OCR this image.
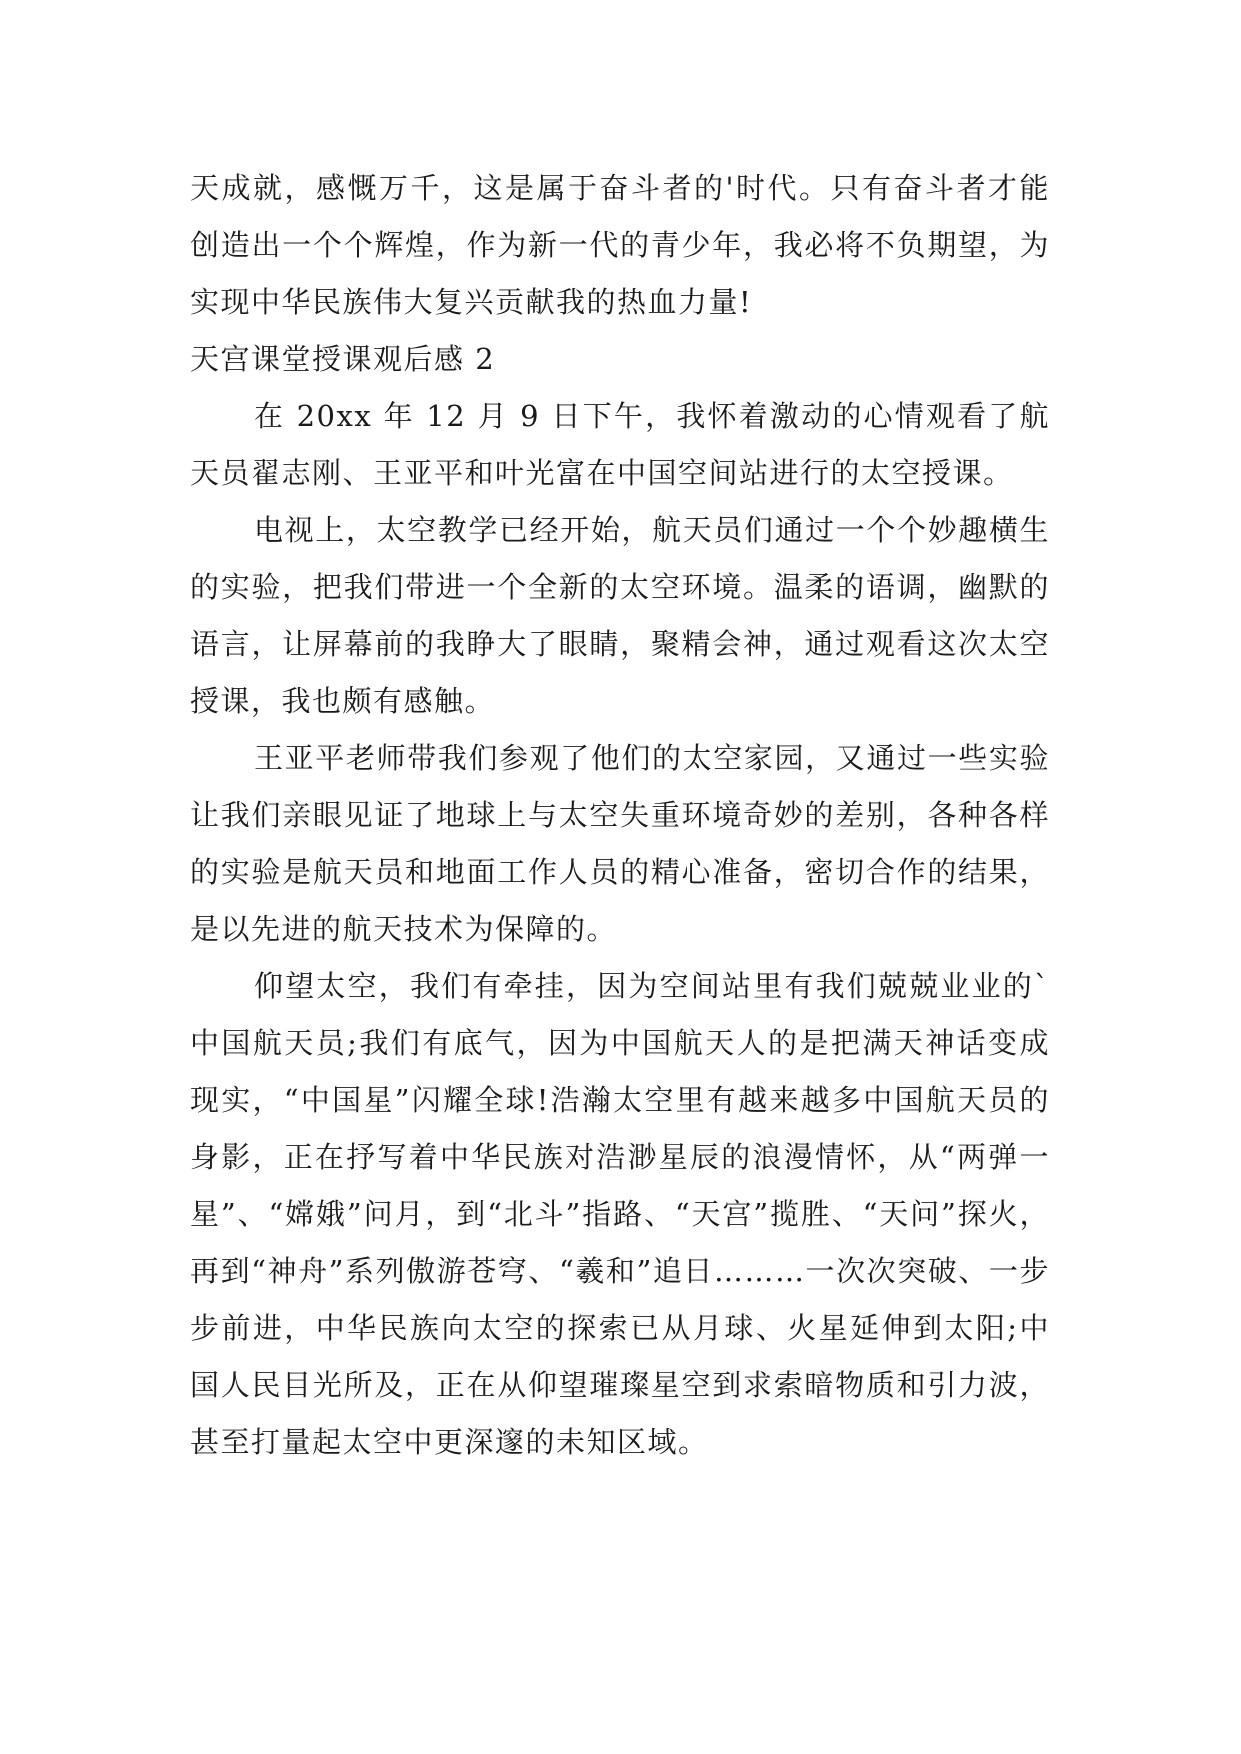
天成就，感慨万千，这是属于奋斗者的'时代。只有奋斗者才能创造出一个个辉煌，作为新一代的青少年，我必将不负期望，为实现中华民族伟大复兴贡献我的热血力量!

天宫课堂授课观后感 2

在 20xx 年 12 月 9 日下午，我怀着激动的心情观看了航天员翟志刚、王亚平和叶光富在中国空间站进行的太空授课。

电视上，太空教学已经开始，航天员们通过一个个妙趣横生的实验，把我们带进一个全新的太空环境。温柔的语调，幽默的语言，让屏幕前的我睁大了眼睛，聚精会神，通过观看这次太空授课，我也颇有感触。

王亚平老师带我们参观了他们的太空家园，又通过一些实验让我们亲眼见证了地球上与太空失重环境奇妙的差别，各种各样的实验是航天员和地面工作人员的精心准备，密切合作的结果，是以先进的航天技术为保障的。

仰望太空，我们有牵挂，因为空间站里有我们兢兢业业的`中国航天员;我们有底气，因为中国航天人的是把满天神话变成现实，“中国星”闪耀全球!浩瀚太空里有越来越多中国航天员的身影，正在抒写着中华民族对浩渺星辰的浪漫情怀，从“两弹一星”、“嫦娥”问月，到“北斗”指路、“天宫”揽胜、“天问”探火，再到“神舟”系列傲游苍穹、“羲和”追日………一次次突破、一步步前进，中华民族向太空的探索已从月球、火星延伸到太阳;中国人民目光所及，正在从仰望璀璨星空到求索暗物质和引力波，甚至打量起太空中更深邃的未知区域。
